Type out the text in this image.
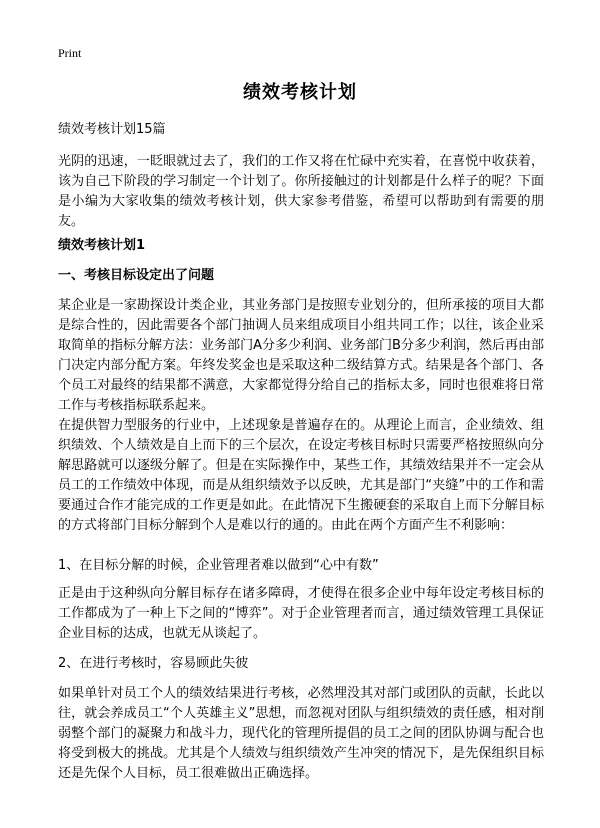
Print
绩效考核计划
绩效考核计划15篇

光阴的迅速，一眨眼就过去了，我们的工作又将在忙碌中充实着，在喜悦中收获着，该为自己下阶段的学习制定一个计划了。你所接触过的计划都是什么样子的呢？下面是小编为大家收集的绩效考核计划，供大家参考借鉴，希望可以帮助到有需要的朋友。

绩效考核计划1
一、考核目标设定出了问题

某企业是一家勘探设计类企业，其业务部门是按照专业划分的，但所承接的项目大都是综合性的，因此需要各个部门抽调人员来组成项目小组共同工作；以往，该企业采取简单的指标分解方法：业务部门A分多少利润、业务部门B分多少利润，然后再由部门决定内部分配方案。年终发奖金也是采取这种二级结算方式。结果是各个部门、各个员工对最终的结果都不满意，大家都觉得分给自己的指标太多，同时也很难将日常工作与考核指标联系起来。

在提供智力型服务的行业中，上述现象是普遍存在的。从理论上而言，企业绩效、组织绩效、个人绩效是自上而下的三个层次，在设定考核目标时只需要严格按照纵向分解思路就可以逐级分解了。但是在实际操作中，某些工作，其绩效结果并不一定会从员工的工作绩效中体现，而是从组织绩效予以反映，尤其是部门“夹缝”中的工作和需要通过合作才能完成的工作更是如此。在此情况下生搬硬套的采取自上而下分解目标的方式将部门目标分解到个人是难以行的通的。由此在两个方面产生不利影响：

1、在目标分解的时候，企业管理者难以做到“心中有数”

正是由于这种纵向分解目标存在诸多障碍，才使得在很多企业中每年设定考核目标的工作都成为了一种上下之间的“博弈”。对于企业管理者而言，通过绩效管理工具保证企业目标的达成，也就无从谈起了。

2、在进行考核时，容易顾此失彼

如果单针对员工个人的绩效结果进行考核，必然埋没其对部门或团队的贡献，长此以往，就会养成员工“个人英雄主义”思想，而忽视对团队与组织绩效的责任感，相对削弱整个部门的凝聚力和战斗力，现代化的管理所提倡的员工之间的团队协调与配合也将受到极大的挑战。尤其是个人绩效与组织绩效产生冲突的情况下，是先保组织目标还是先保个人目标，员工很难做出正确选择。
